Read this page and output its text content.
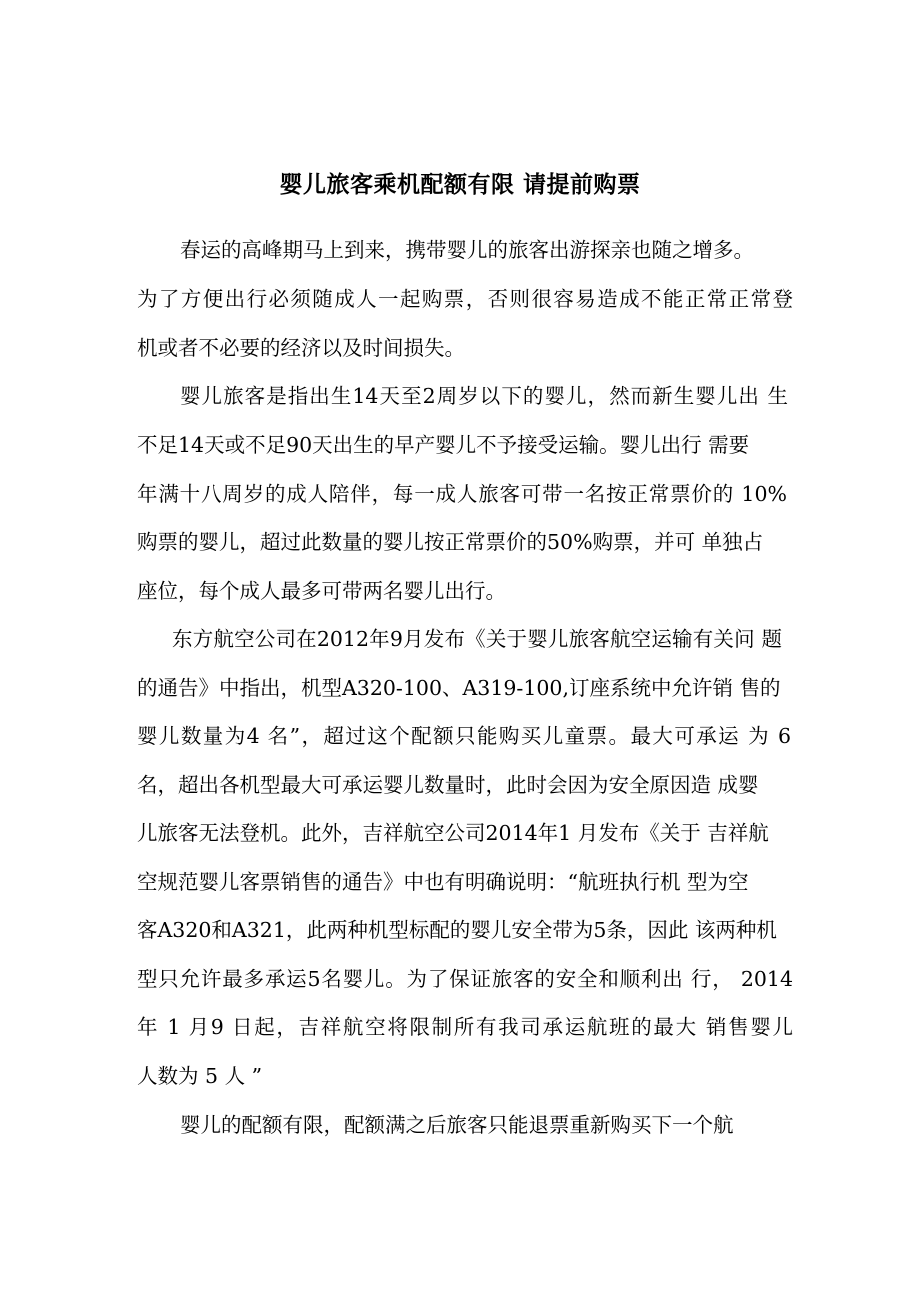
婴儿旅客乘机配额有限 请提前购票

春运的高峰期马上到来，携带婴儿的旅客出游探亲也随之增多。

为了方便出行必须随成人一起购票，否则很容易造成不能正常正常登

机或者不必要的经济以及时间损失。

婴儿旅客是指出生14天至2周岁以下的婴儿，然而新生婴儿出 生

不足14天或不足90天出生的早产婴儿不予接受运输。婴儿出行 需要

年满十八周岁的成人陪伴，每一成人旅客可带一名按正常票价的 10%

购票的婴儿，超过此数量的婴儿按正常票价的50%购票，并可 单独占

座位，每个成人最多可带两名婴儿出行。

东方航空公司在2012年9月发布《关于婴儿旅客航空运输有关问 题

的通告》中指出，机型A320-100、A319-100,订座系统中允许销 售的

婴儿数量为4 名”，超过这个配额只能购买儿童票。最大可承运 为 6

名，超出各机型最大可承运婴儿数量时，此时会因为安全原因造 成婴

儿旅客无法登机。此外，吉祥航空公司2014年1 月发布《关于 吉祥航

空规范婴儿客票销售的通告》中也有明确说明：“航班执行机 型为空

客A320和A321，此两种机型标配的婴儿安全带为5条，因此 该两种机

型只允许最多承运5名婴儿。为了保证旅客的安全和顺利出 行， 2014

年 1 月9 日起，吉祥航空将限制所有我司承运航班的最大 销售婴儿

人数为 5 人 ”

婴儿的配额有限，配额满之后旅客只能退票重新购买下一个航
